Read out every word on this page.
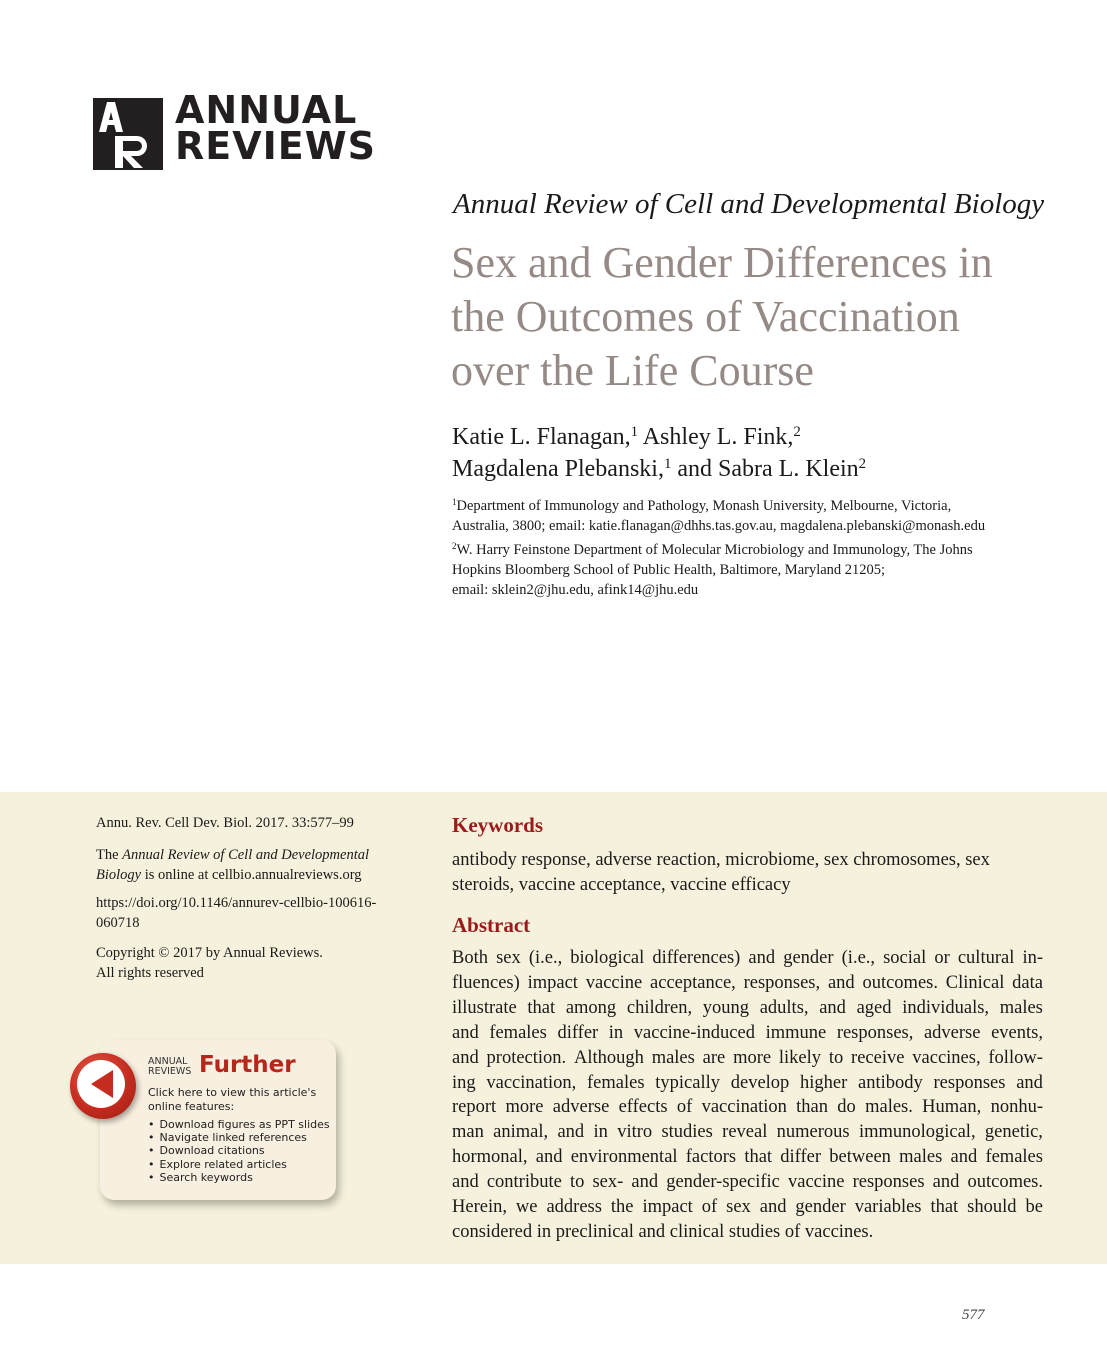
ANNUAL
REVIEWS
Annual Review of Cell and Developmental Biology
Sex and Gender Differences in
the Outcomes of Vaccination
over the Life Course
Katie L. Flanagan,$^1$ Ashley L. Fink,$^2$
Magdalena Plebanski,$^1$ and Sabra L. Klein$^2$
$^1$Department of Immunology and Pathology, Monash University, Melbourne, Victoria,
Australia, 3800; email: katie.flanagan@dhhs.tas.gov.au, magdalena.plebanski@monash.edu
$^2$W. Harry Feinstone Department of Molecular Microbiology and Immunology, The Johns
Hopkins Bloomberg School of Public Health, Baltimore, Maryland 21205;
email: sklein2@jhu.edu, afink14@jhu.edu
Annu. Rev. Cell Dev. Biol. 2017. 33:577–99
The Annual Review of Cell and Developmental
Biology is online at cellbio.annualreviews.org
https://doi.org/10.1146/annurev-cellbio-100616-
060718
Copyright © 2017 by Annual Reviews.
All rights reserved
ANNUAL
REVIEWS Further
Click here to view this article's
online features:
• Download figures as PPT slides
• Navigate linked references
• Download citations
• Explore related articles
• Search keywords
Keywords
antibody response, adverse reaction, microbiome, sex chromosomes, sex
steroids, vaccine acceptance, vaccine efficacy
Abstract
Both sex (i.e., biological differences) and gender (i.e., social or cultural in-
fluences) impact vaccine acceptance, responses, and outcomes. Clinical data
illustrate that among children, young adults, and aged individuals, males
and females differ in vaccine-induced immune responses, adverse events,
and protection. Although males are more likely to receive vaccines, follow-
ing vaccination, females typically develop higher antibody responses and
report more adverse effects of vaccination than do males. Human, nonhu-
man animal, and in vitro studies reveal numerous immunological, genetic,
hormonal, and environmental factors that differ between males and females
and contribute to sex- and gender-specific vaccine responses and outcomes.
Herein, we address the impact of sex and gender variables that should be
considered in preclinical and clinical studies of vaccines.
577
